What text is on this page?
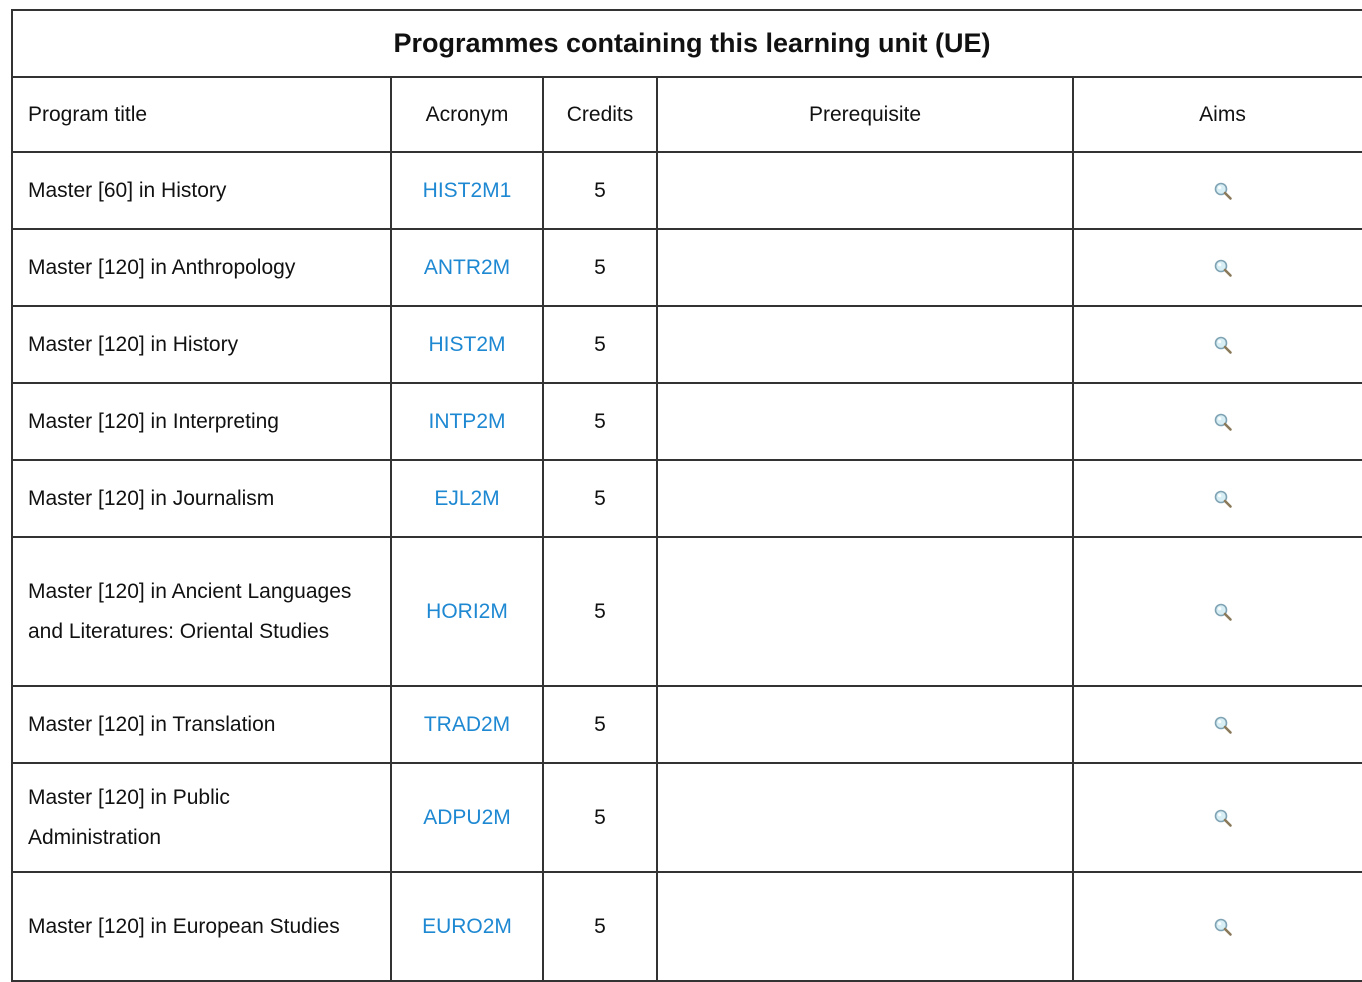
Programmes containing this learning unit (UE)				
Program title	Acronym	Credits	Prerequisite	Aims
Master [60] in History	HIST2M1	5		
Master [120] in Anthropology	ANTR2M	5		
Master [120] in History	HIST2M	5		
Master [120] in Interpreting	INTP2M	5		
Master [120] in Journalism	EJL2M	5		
Master [120] in Ancient Languages and Literatures: Oriental Studies	HORI2M	5		
Master [120] in Translation	TRAD2M	5		
Master [120] in Public Administration	ADPU2M	5		
Master [120] in European Studies	EURO2M	5		
